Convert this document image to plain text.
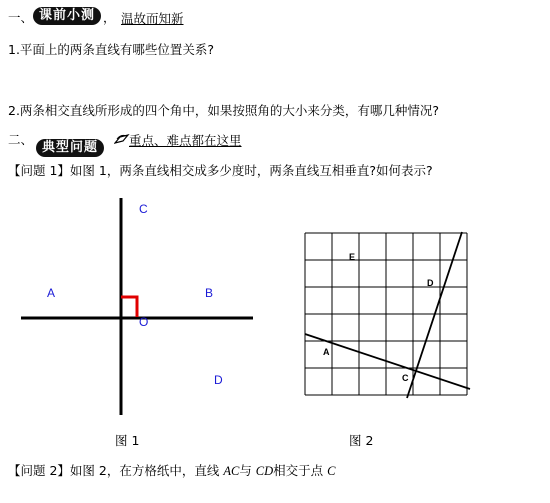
一、 课前小测 ， 温故而知新
1.平面上的两条直线有哪些位置关系?
2.两条相交直线所形成的四个角中，如果按照角的大小来分类，有哪几种情况?
二、
典型问题	重点、难点都在这里
【问题 1】如图 1，两条直线相交成多少度时，两条直线互相垂直?如何表示?
C
A	B
O
D
图 1
E
D
A
C
图 2
【问题 2】如图 2，在方格纸中，直线 AC与 CD相交于点 C
